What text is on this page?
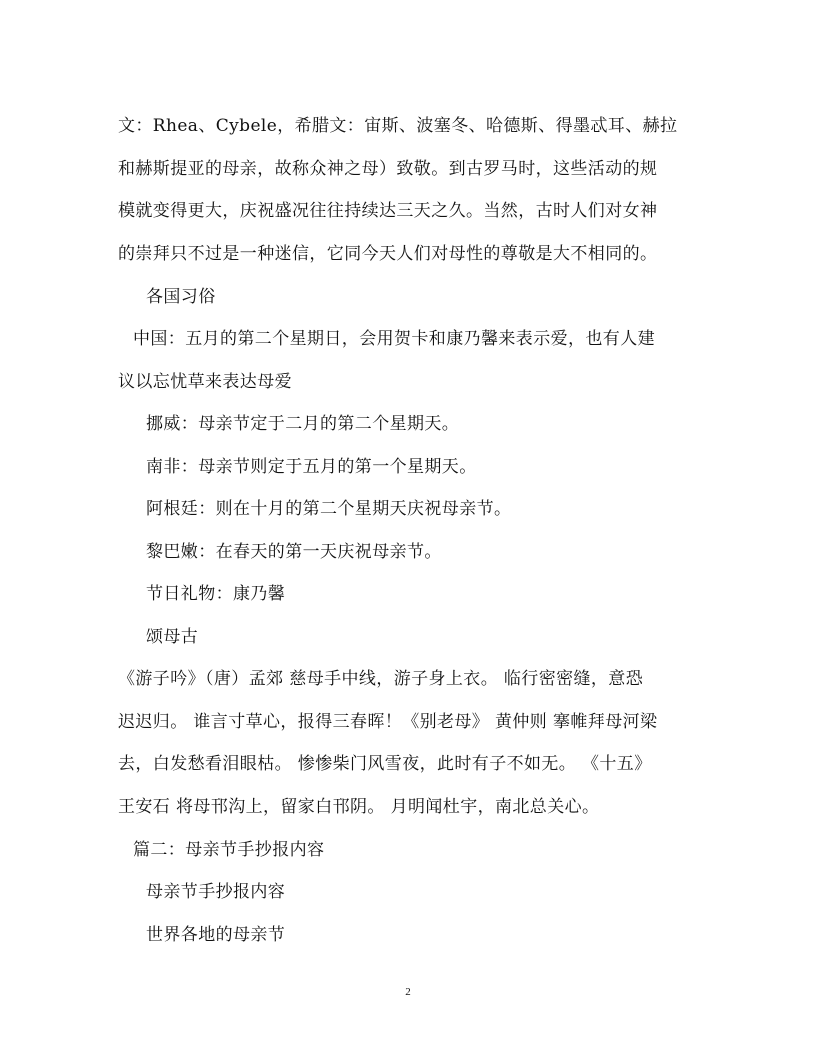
文：Rhea、Cybele，希腊文：宙斯、波塞冬、哈德斯、得墨忒耳、赫拉
和赫斯提亚的母亲，故称众神之母）致敬。到古罗马时，这些活动的规
模就变得更大，庆祝盛况往往持续达三天之久。当然，古时人们对女神
的崇拜只不过是一种迷信，它同今天人们对母性的尊敬是大不相同的。
各国习俗
中国：五月的第二个星期日，会用贺卡和康乃馨来表示爱，也有人建
议以忘忧草来表达母爱
挪威：母亲节定于二月的第二个星期天。
南非：母亲节则定于五月的第一个星期天。
阿根廷：则在十月的第二个星期天庆祝母亲节。
黎巴嫩：在春天的第一天庆祝母亲节。
节日礼物：康乃馨
颂母古
《游子吟》（唐）孟郊 慈母手中线，游子身上衣。 临行密密缝，意恐
迟迟归。 谁言寸草心，报得三春晖！《别老母》 黄仲则 搴帷拜母河梁
去，白发愁看泪眼枯。 惨惨柴门风雪夜，此时有子不如无。 《十五》
王安石 将母邗沟上，留家白邗阴。 月明闻杜宇，南北总关心。
篇二：母亲节手抄报内容
母亲节手抄报内容
世界各地的母亲节
2
